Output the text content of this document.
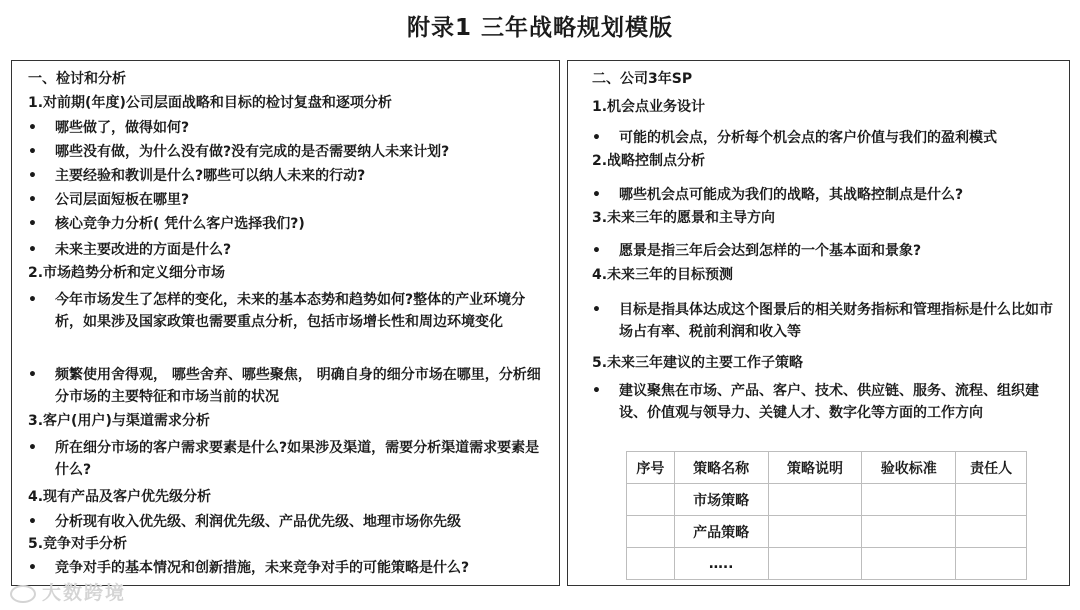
附录1 三年战略规划模版
一、检讨和分析
1.对前期(年度)公司层面战略和目标的检讨复盘和逐项分析
•	哪些做了，做得如何?
•	哪些没有做，为什么没有做?没有完成的是否需要纳人未来计划?
•	主要经验和教训是什么?哪些可以纳人未来的行动?
•	公司层面短板在哪里?
•	核心竞争力分析( 凭什么客户选择我们?)
•	未来主要改进的方面是什么?
2.市场趋势分析和定义细分市场
•	今年市场发生了怎样的变化，未来的基本态势和趋势如何?整体的产业环境分析，如果涉及国家政策也需要重点分析，包括市场增长性和周边环境变化
•	频繁使用舍得观， 哪些舍弃、哪些聚焦， 明确自身的细分市场在哪里，分析细分市场的主要特征和市场当前的状况
3.客户(用户)与渠道需求分析
•	所在细分市场的客户需求要素是什么?如果涉及渠道，需要分析渠道需求要素是什么?
4.现有产品及客户优先级分析
•	分析现有收入优先级、利润优先级、产品优先级、地理市场你先级
5.竞争对手分析
•	竞争对手的基本情况和创新措施，未来竞争对手的可能策略是什么?
二、公司3年SP
1.机会点业务设计
•	可能的机会点，分析每个机会点的客户价值与我们的盈利模式
2.战略控制点分析
•	哪些机会点可能成为我们的战略，其战略控制点是什么?
3.未来三年的愿景和主导方向
•	愿景是指三年后会达到怎样的一个基本面和景象?
4.未来三年的目标预测
•	目标是指具体达成这个图景后的相关财务指标和管理指标是什么比如市场占有率、税前利润和收入等
5.未来三年建议的主要工作子策略
•	建议聚焦在市场、产品、客户、技术、供应链、服务、流程、组织建设、价值观与领导力、关键人才、数字化等方面的工作方向
序号	策略名称	策略说明	验收标准	责任人
	市场策略			
	产品策略			
	…..			
大数跨境
